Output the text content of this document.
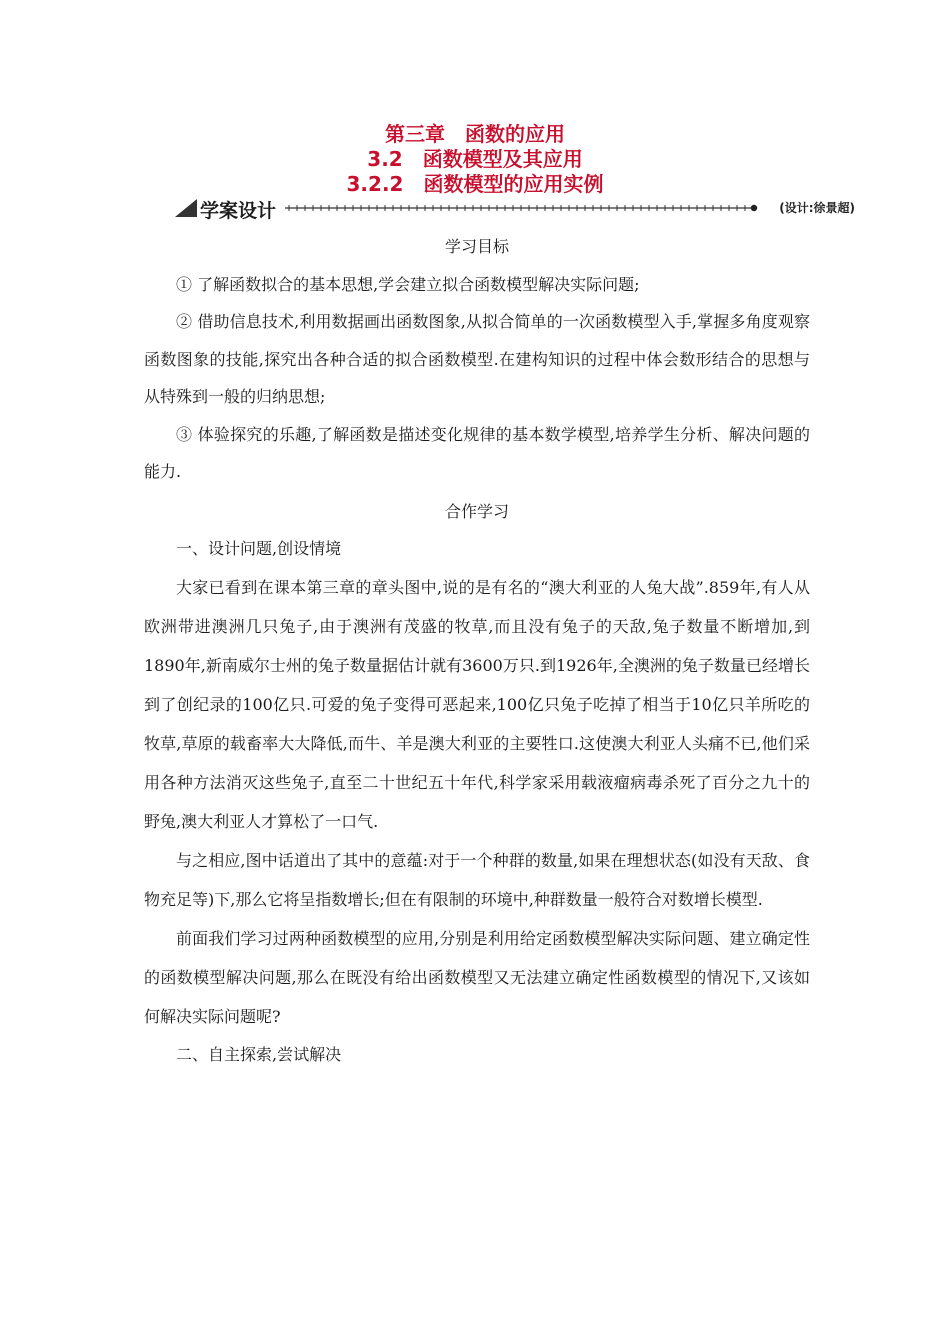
第三章　函数的应用
3.2　函数模型及其应用
3.2.2　函数模型的应用实例
学案设计	(设计:徐景超)

学习目标

① 了解函数拟合的基本思想,学会建立拟合函数模型解决实际问题;

② 借助信息技术,利用数据画出函数图象,从拟合简单的一次函数模型入手,掌握多角度观察函数图象的技能,探究出各种合适的拟合函数模型.在建构知识的过程中体会数形结合的思想与从特殊到一般的归纳思想;

③ 体验探究的乐趣,了解函数是描述变化规律的基本数学模型,培养学生分析、解决问题的能力.

合作学习

一、设计问题,创设情境

大家已看到在课本第三章的章头图中,说的是有名的“澳大利亚的人兔大战”.859年,有人从欧洲带进澳洲几只兔子,由于澳洲有茂盛的牧草,而且没有兔子的天敌,兔子数量不断增加,到1890年,新南威尔士州的兔子数量据估计就有3600万只.到1926年,全澳洲的兔子数量已经增长到了创纪录的100亿只.可爱的兔子变得可恶起来,100亿只兔子吃掉了相当于10亿只羊所吃的牧草,草原的载畜率大大降低,而牛、羊是澳大利亚的主要牲口.这使澳大利亚人头痛不已,他们采用各种方法消灭这些兔子,直至二十世纪五十年代,科学家采用载液瘤病毒杀死了百分之九十的野兔,澳大利亚人才算松了一口气.

与之相应,图中话道出了其中的意蕴:对于一个种群的数量,如果在理想状态(如没有天敌、食物充足等)下,那么它将呈指数增长;但在有限制的环境中,种群数量一般符合对数增长模型.

前面我们学习过两种函数模型的应用,分别是利用给定函数模型解决实际问题、建立确定性的函数模型解决问题,那么在既没有给出函数模型又无法建立确定性函数模型的情况下,又该如何解决实际问题呢?

二、自主探索,尝试解决
